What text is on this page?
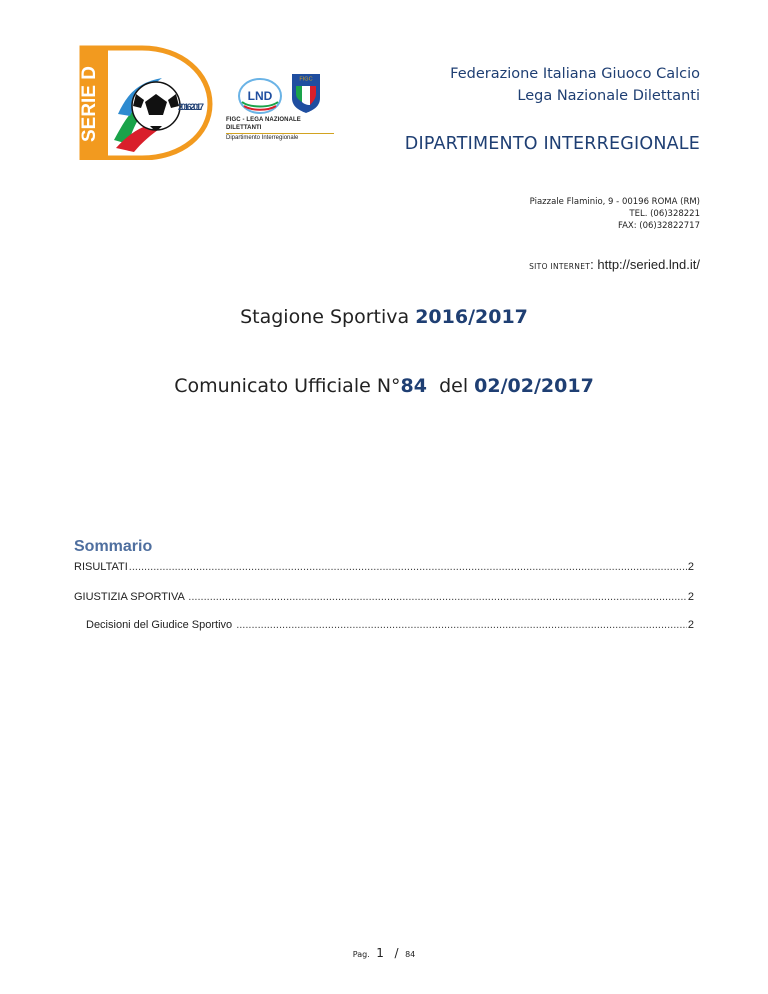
SERIE D	2016 2017
LND
FIGC
FIGC - LEGA NAZIONALE DILETTANTI
Dipartimento Interregionale
Federazione Italiana Giuoco Calcio
Lega Nazionale Dilettanti
DIPARTIMENTO INTERREGIONALE
Piazzale Flaminio, 9 - 00196 ROMA (RM)
TEL. (06)328221
FAX: (06)32822717
SITO INTERNET: http://seried.lnd.it/
Stagione Sportiva 2016/2017
Comunicato Ufficiale N°84  del 02/02/2017
Sommario
RISULTATI .....	2
GIUSTIZIA SPORTIVA .....	2
Decisioni del Giudice Sportivo .....	2
Pag. 1 / 84
